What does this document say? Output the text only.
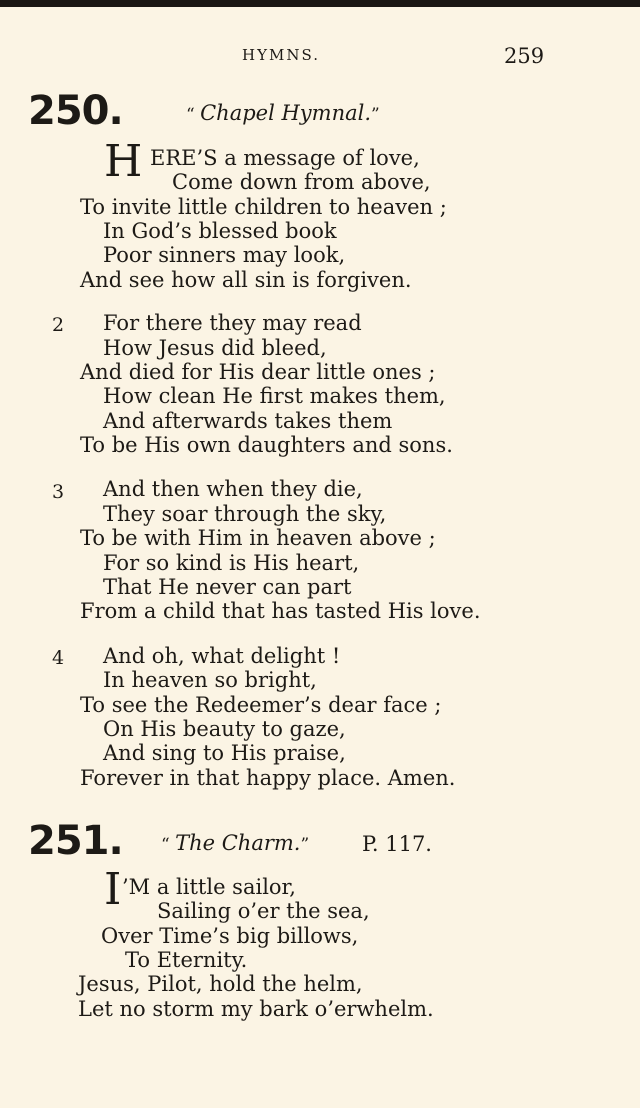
HYMNS.	259
250.	“ Chapel Hymnal.”
H ERE’S a message of love,
Come down from above,
To invite little children to heaven ;
In God’s blessed book
Poor sinners may look,
And see how all sin is forgiven.
2 For there they may read
How Jesus did bleed,
And died for His dear little ones ;
How clean He first makes them,
And afterwards takes them
To be His own daughters and sons.
3 And then when they die,
They soar through the sky,
To be with Him in heaven above ;
For so kind is His heart,
That He never can part
From a child that has tasted His love.
4 And oh, what delight !
In heaven so bright,
To see the Redeemer’s dear face ;
On His beauty to gaze,
And sing to His praise,
Forever in that happy place. Amen.
251. “ The Charm.”	P. 117.
I ’M a little sailor,
Sailing o’er the sea,
Over Time’s big billows,
To Eternity.
Jesus, Pilot, hold the helm,
Let no storm my bark o’erwhelm.
